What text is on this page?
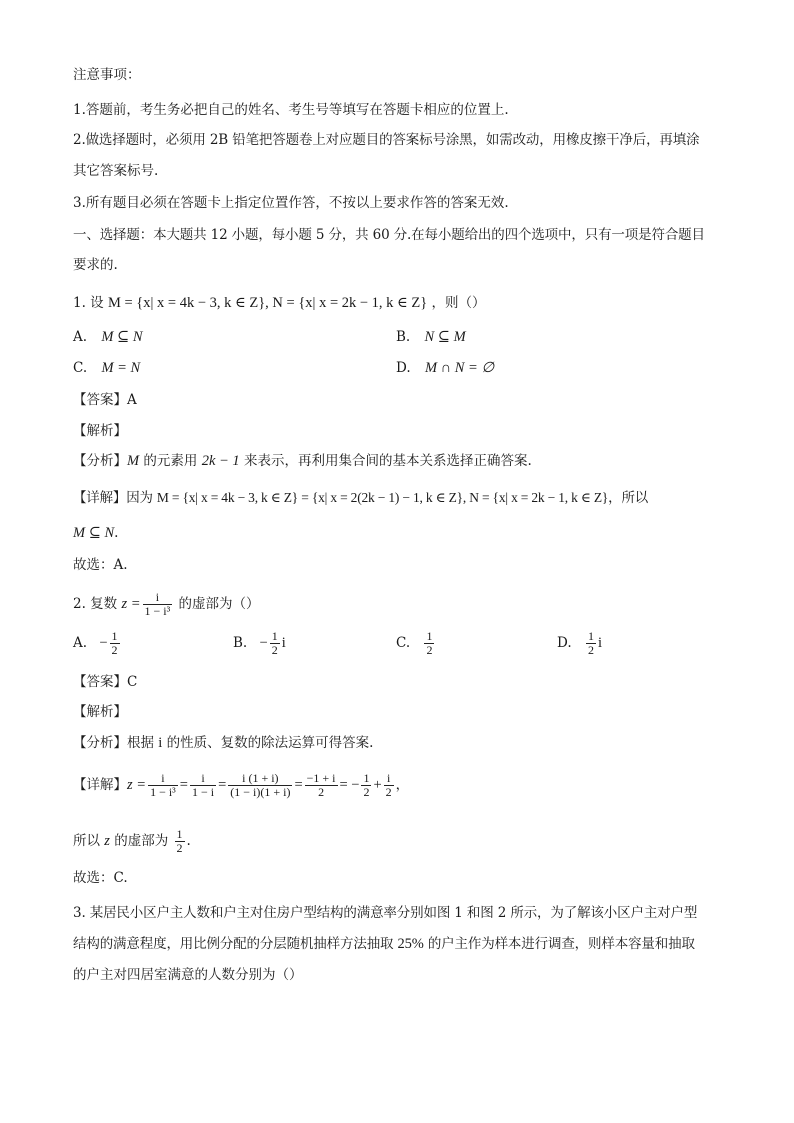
注意事项：
1.答题前，考生务必把自己的姓名、考生号等填写在答题卡相应的位置上.
2.做选择题时，必须用 2B 铅笔把答题卷上对应题目的答案标号涂黑，如需改动，用橡皮擦干净后，再填涂
其它答案标号.
3.所有题目必须在答题卡上指定位置作答，不按以上要求作答的答案无效.
一、选择题：本大题共 12 小题，每小题 5 分，共 60 分.在每小题给出的四个选项中，只有一项是符合题目
要求的.
1. 设 M = {x| x = 4k − 3, k ∈ Z}, N = {x| x = 2k − 1, k ∈ Z} ，则（）
A. M ⊆ N	B. N ⊆ M
C. M = N	D. M ∩ N = ∅
【答案】A
【解析】
【分析】M 的元素用 2k − 1 来表示，再利用集合间的基本关系选择正确答案.
【详解】因为 M = {x| x = 4k − 3, k ∈ Z} = {x| x = 2(2k − 1) − 1, k ∈ Z}, N = {x| x = 2k − 1, k ∈ Z}，所以
M ⊆ N.
故选：A.
2. 复数 $z = \frac{i}{\text{1 − i³}}$ 的虚部为（）
A. − $\frac{1}{2}$	B. − $\frac{1}{2}$ i	C. $\frac{1}{2}$	D. $\frac{1}{2}$ i
【答案】C
【解析】
【分析】根据 i 的性质、复数的除法运算可得答案.
【详解】$z = \frac{i}{\text{1 − i³}} = \frac{i}{1 - i} = \frac{i (1 + i)}{(1 - i)(1 + i)} = \frac{-1 + i}{2}$ = − $\frac{1}{2} + \frac{i}{2}$ ，
所以 z 的虚部为 $\frac{1}{2}$ .
故选：C.
3. 某居民小区户主人数和户主对住房户型结构的满意率分别如图 1 和图 2 所示，为了解该小区户主对户型
结构的满意程度，用比例分配的分层随机抽样方法抽取 25% 的户主作为样本进行调查，则样本容量和抽取
的户主对四居室满意的人数分别为（）
